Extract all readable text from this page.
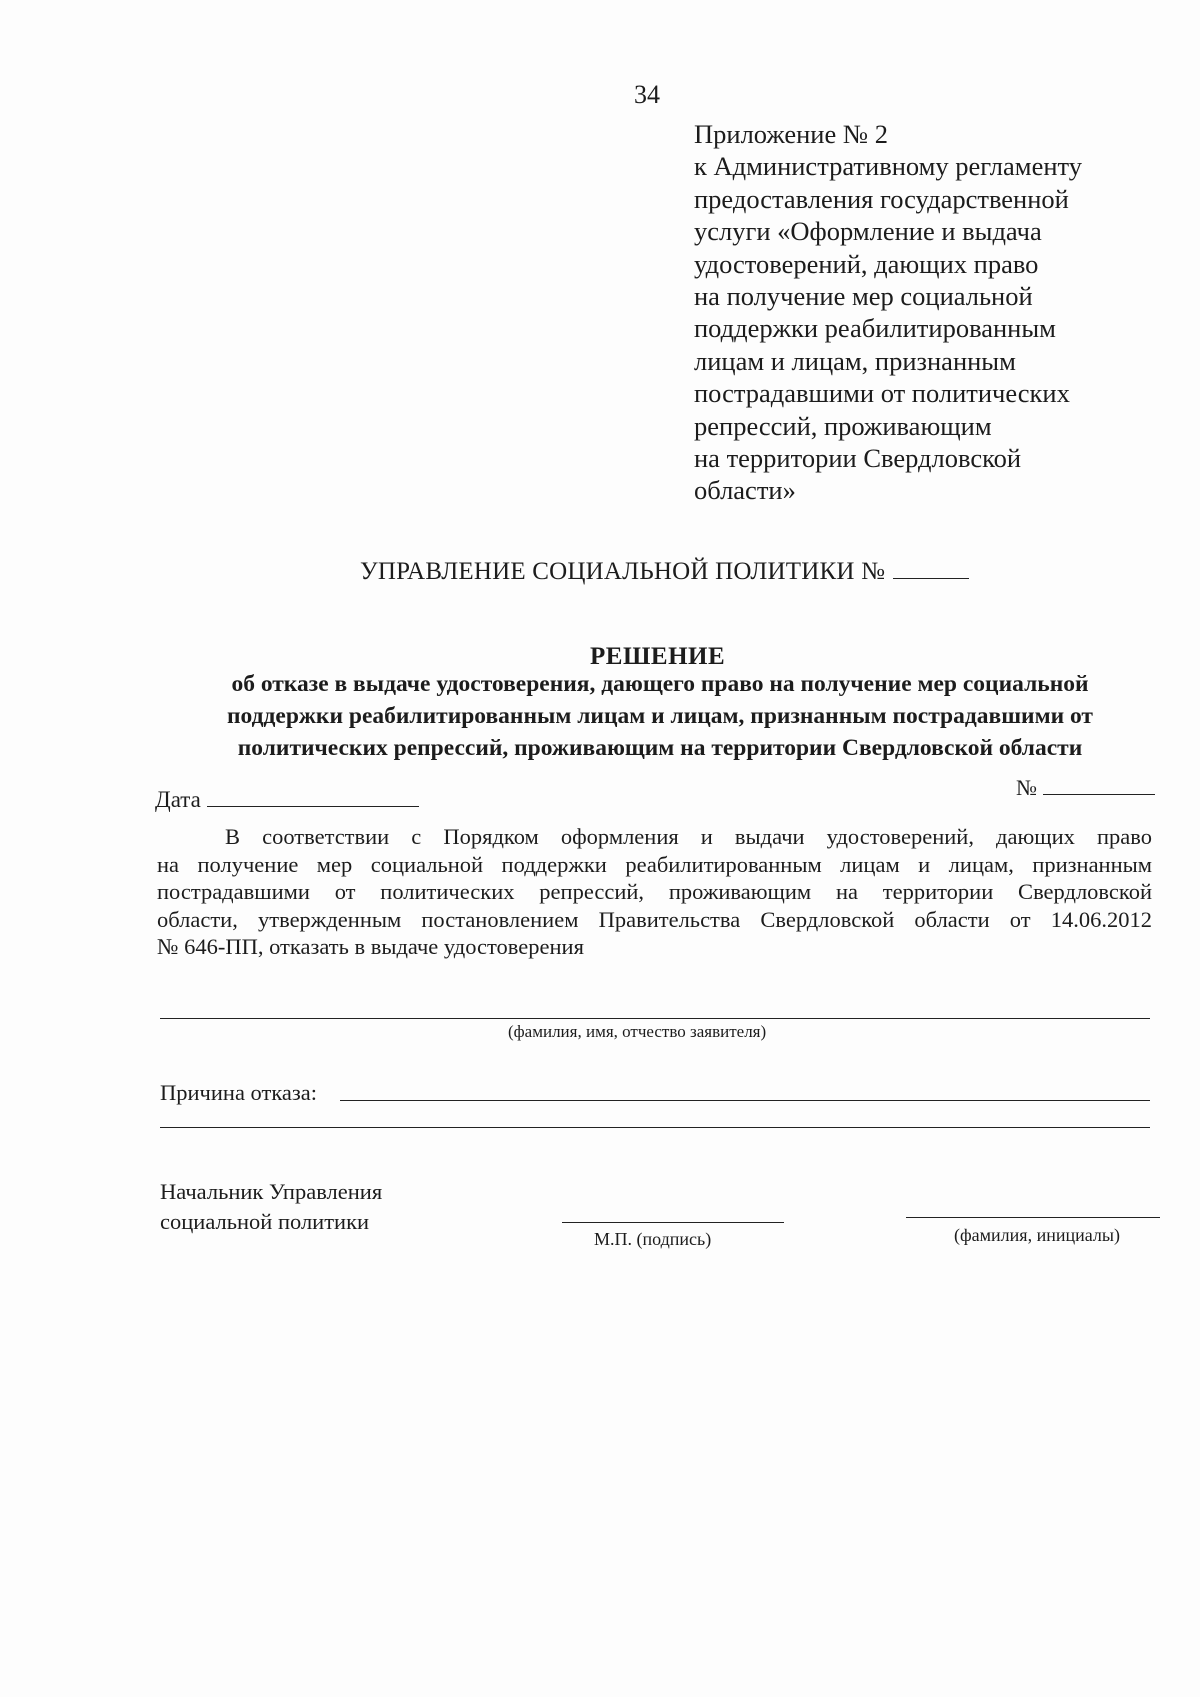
34
Приложение № 2
к Административному регламенту
предоставления государственной
услуги «Оформление и выдача
удостоверений, дающих право
на получение мер социальной
поддержки реабилитированным
лицам и лицам, признанным
пострадавшими от политических
репрессий, проживающим
на территории Свердловской
области»
УПРАВЛЕНИЕ СОЦИАЛЬНОЙ ПОЛИТИКИ №
РЕШЕНИЕ
об отказе в выдаче удостоверения, дающего право на получение мер социальной
поддержки реабилитированным лицам и лицам, признанным пострадавшими от
политических репрессий, проживающим на территории Свердловской области
Дата	№
В соответствии с Порядком оформления и выдачи удостоверений, дающих право
на получение мер социальной поддержки реабилитированным лицам и лицам, признанным
пострадавшими от политических репрессий, проживающим на территории Свердловской
области, утвержденным постановлением Правительства Свердловской области от 14.06.2012
№ 646-ПП, отказать в выдаче удостоверения
(фамилия, имя, отчество заявителя)
Причина отказа:
Начальник Управления
социальной политики
М.П. (подпись)	(фамилия, инициалы)
